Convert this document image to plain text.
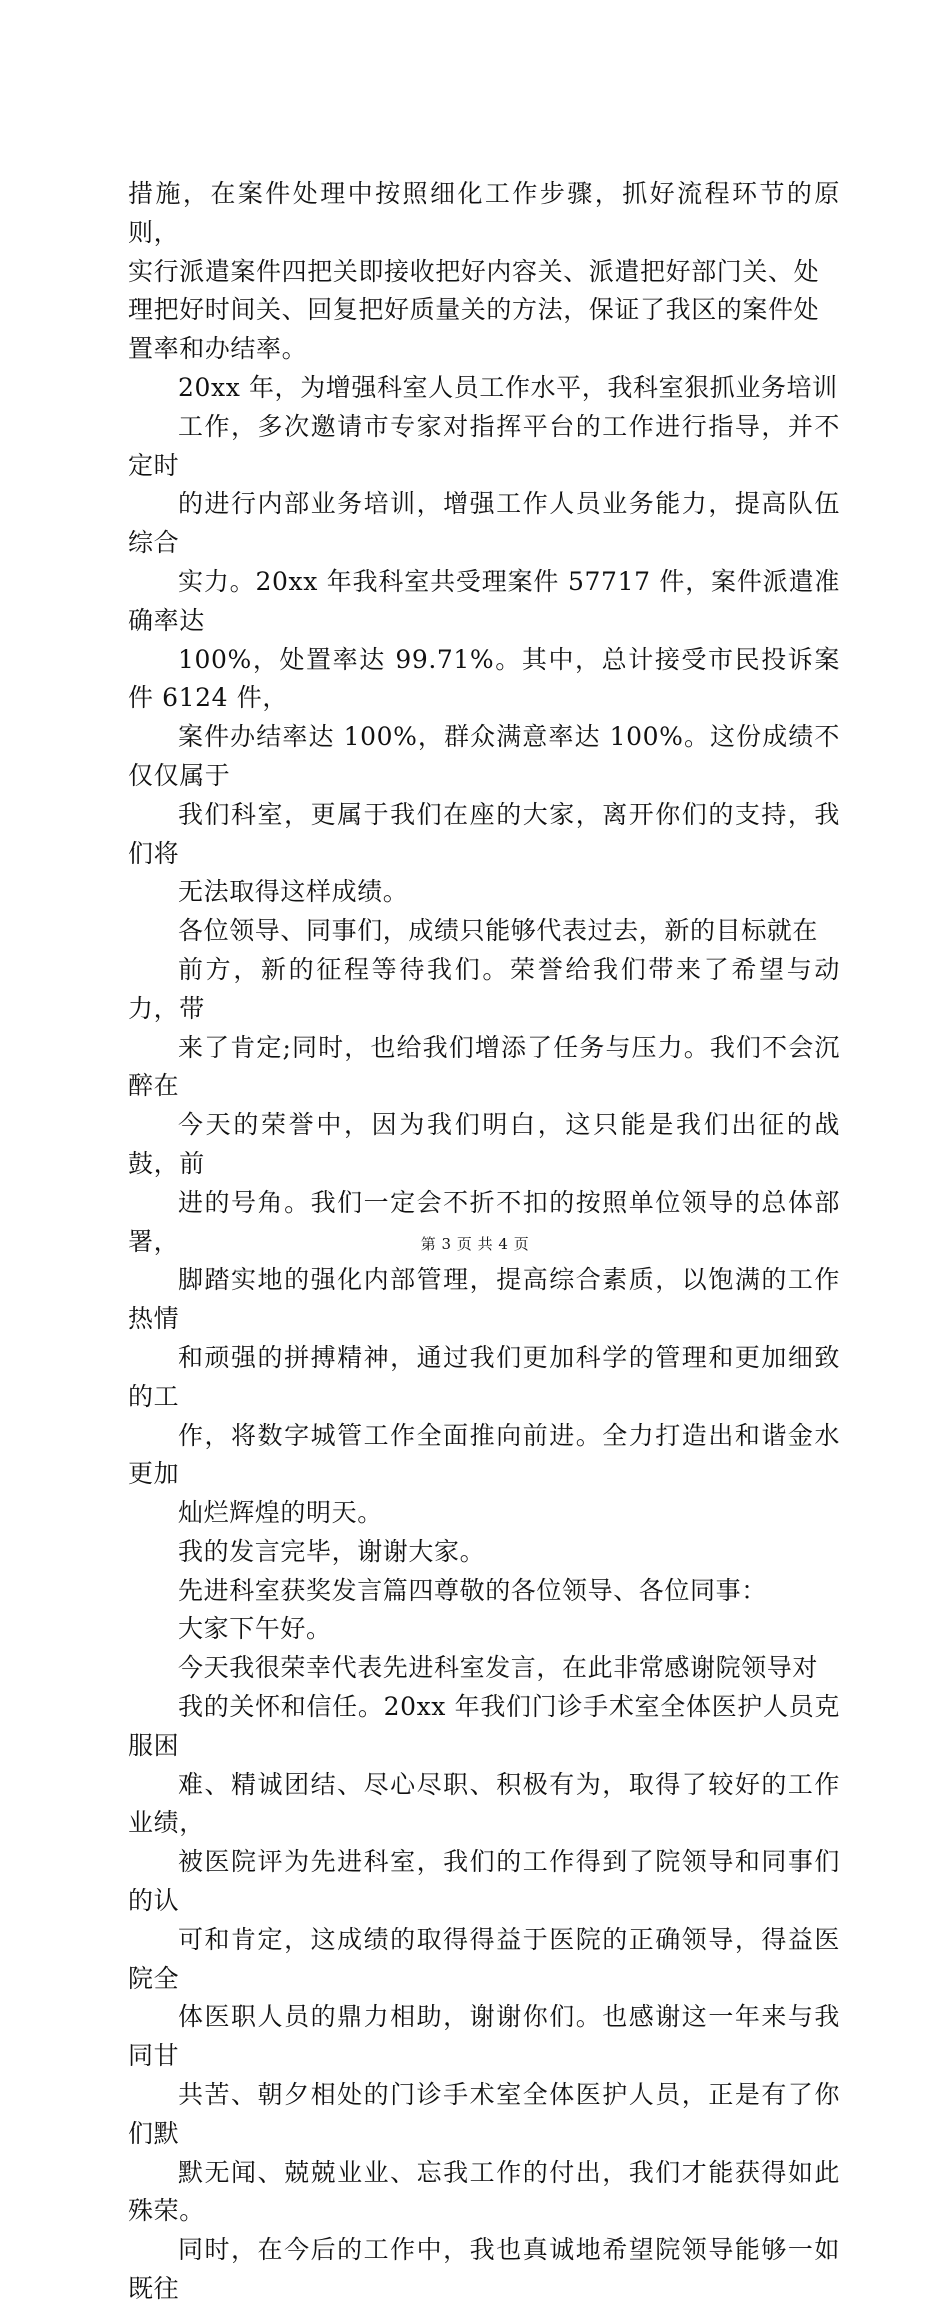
措施，在案件处理中按照细化工作步骤，抓好流程环节的原则，
实行派遣案件四把关即接收把好内容关、派遣把好部门关、处
理把好时间关、回复把好质量关的方法，保证了我区的案件处
置率和办结率。

20xx 年，为增强科室人员工作水平，我科室狠抓业务培训
工作，多次邀请市专家对指挥平台的工作进行指导，并不定时
的进行内部业务培训，增强工作人员业务能力，提高队伍综合
实力。20xx 年我科室共受理案件 57717 件，案件派遣准确率达
100%，处置率达 99.71%。其中，总计接受市民投诉案件 6124 件，
案件办结率达 100%，群众满意率达 100%。这份成绩不仅仅属于
我们科室，更属于我们在座的大家，离开你们的支持，我们将
无法取得这样成绩。

各位领导、同事们，成绩只能够代表过去，新的目标就在
前方，新的征程等待我们。荣誉给我们带来了希望与动力，带
来了肯定;同时，也给我们增添了任务与压力。我们不会沉醉在
今天的荣誉中，因为我们明白，这只能是我们出征的战鼓，前
进的号角。我们一定会不折不扣的按照单位领导的总体部署，
脚踏实地的强化内部管理，提高综合素质，以饱满的工作热情
和顽强的拼搏精神，通过我们更加科学的管理和更加细致的工
作，将数字城管工作全面推向前进。全力打造出和谐金水更加
灿烂辉煌的明天。

我的发言完毕，谢谢大家。

先进科室获奖发言篇四尊敬的各位领导、各位同事：

大家下午好。

今天我很荣幸代表先进科室发言，在此非常感谢院领导对
我的关怀和信任。20xx 年我们门诊手术室全体医护人员克服困
难、精诚团结、尽心尽职、积极有为，取得了较好的工作业绩，
被医院评为先进科室，我们的工作得到了院领导和同事们的认
可和肯定，这成绩的取得得益于医院的正确领导，得益医院全
体医职人员的鼎力相助，谢谢你们。也感谢这一年来与我同甘
共苦、朝夕相处的门诊手术室全体医护人员，正是有了你们默
默无闻、兢兢业业、忘我工作的付出，我们才能获得如此殊荣。
同时，在今后的工作中，我也真诚地希望院领导能够一如既往

第 3 页 共 4 页
